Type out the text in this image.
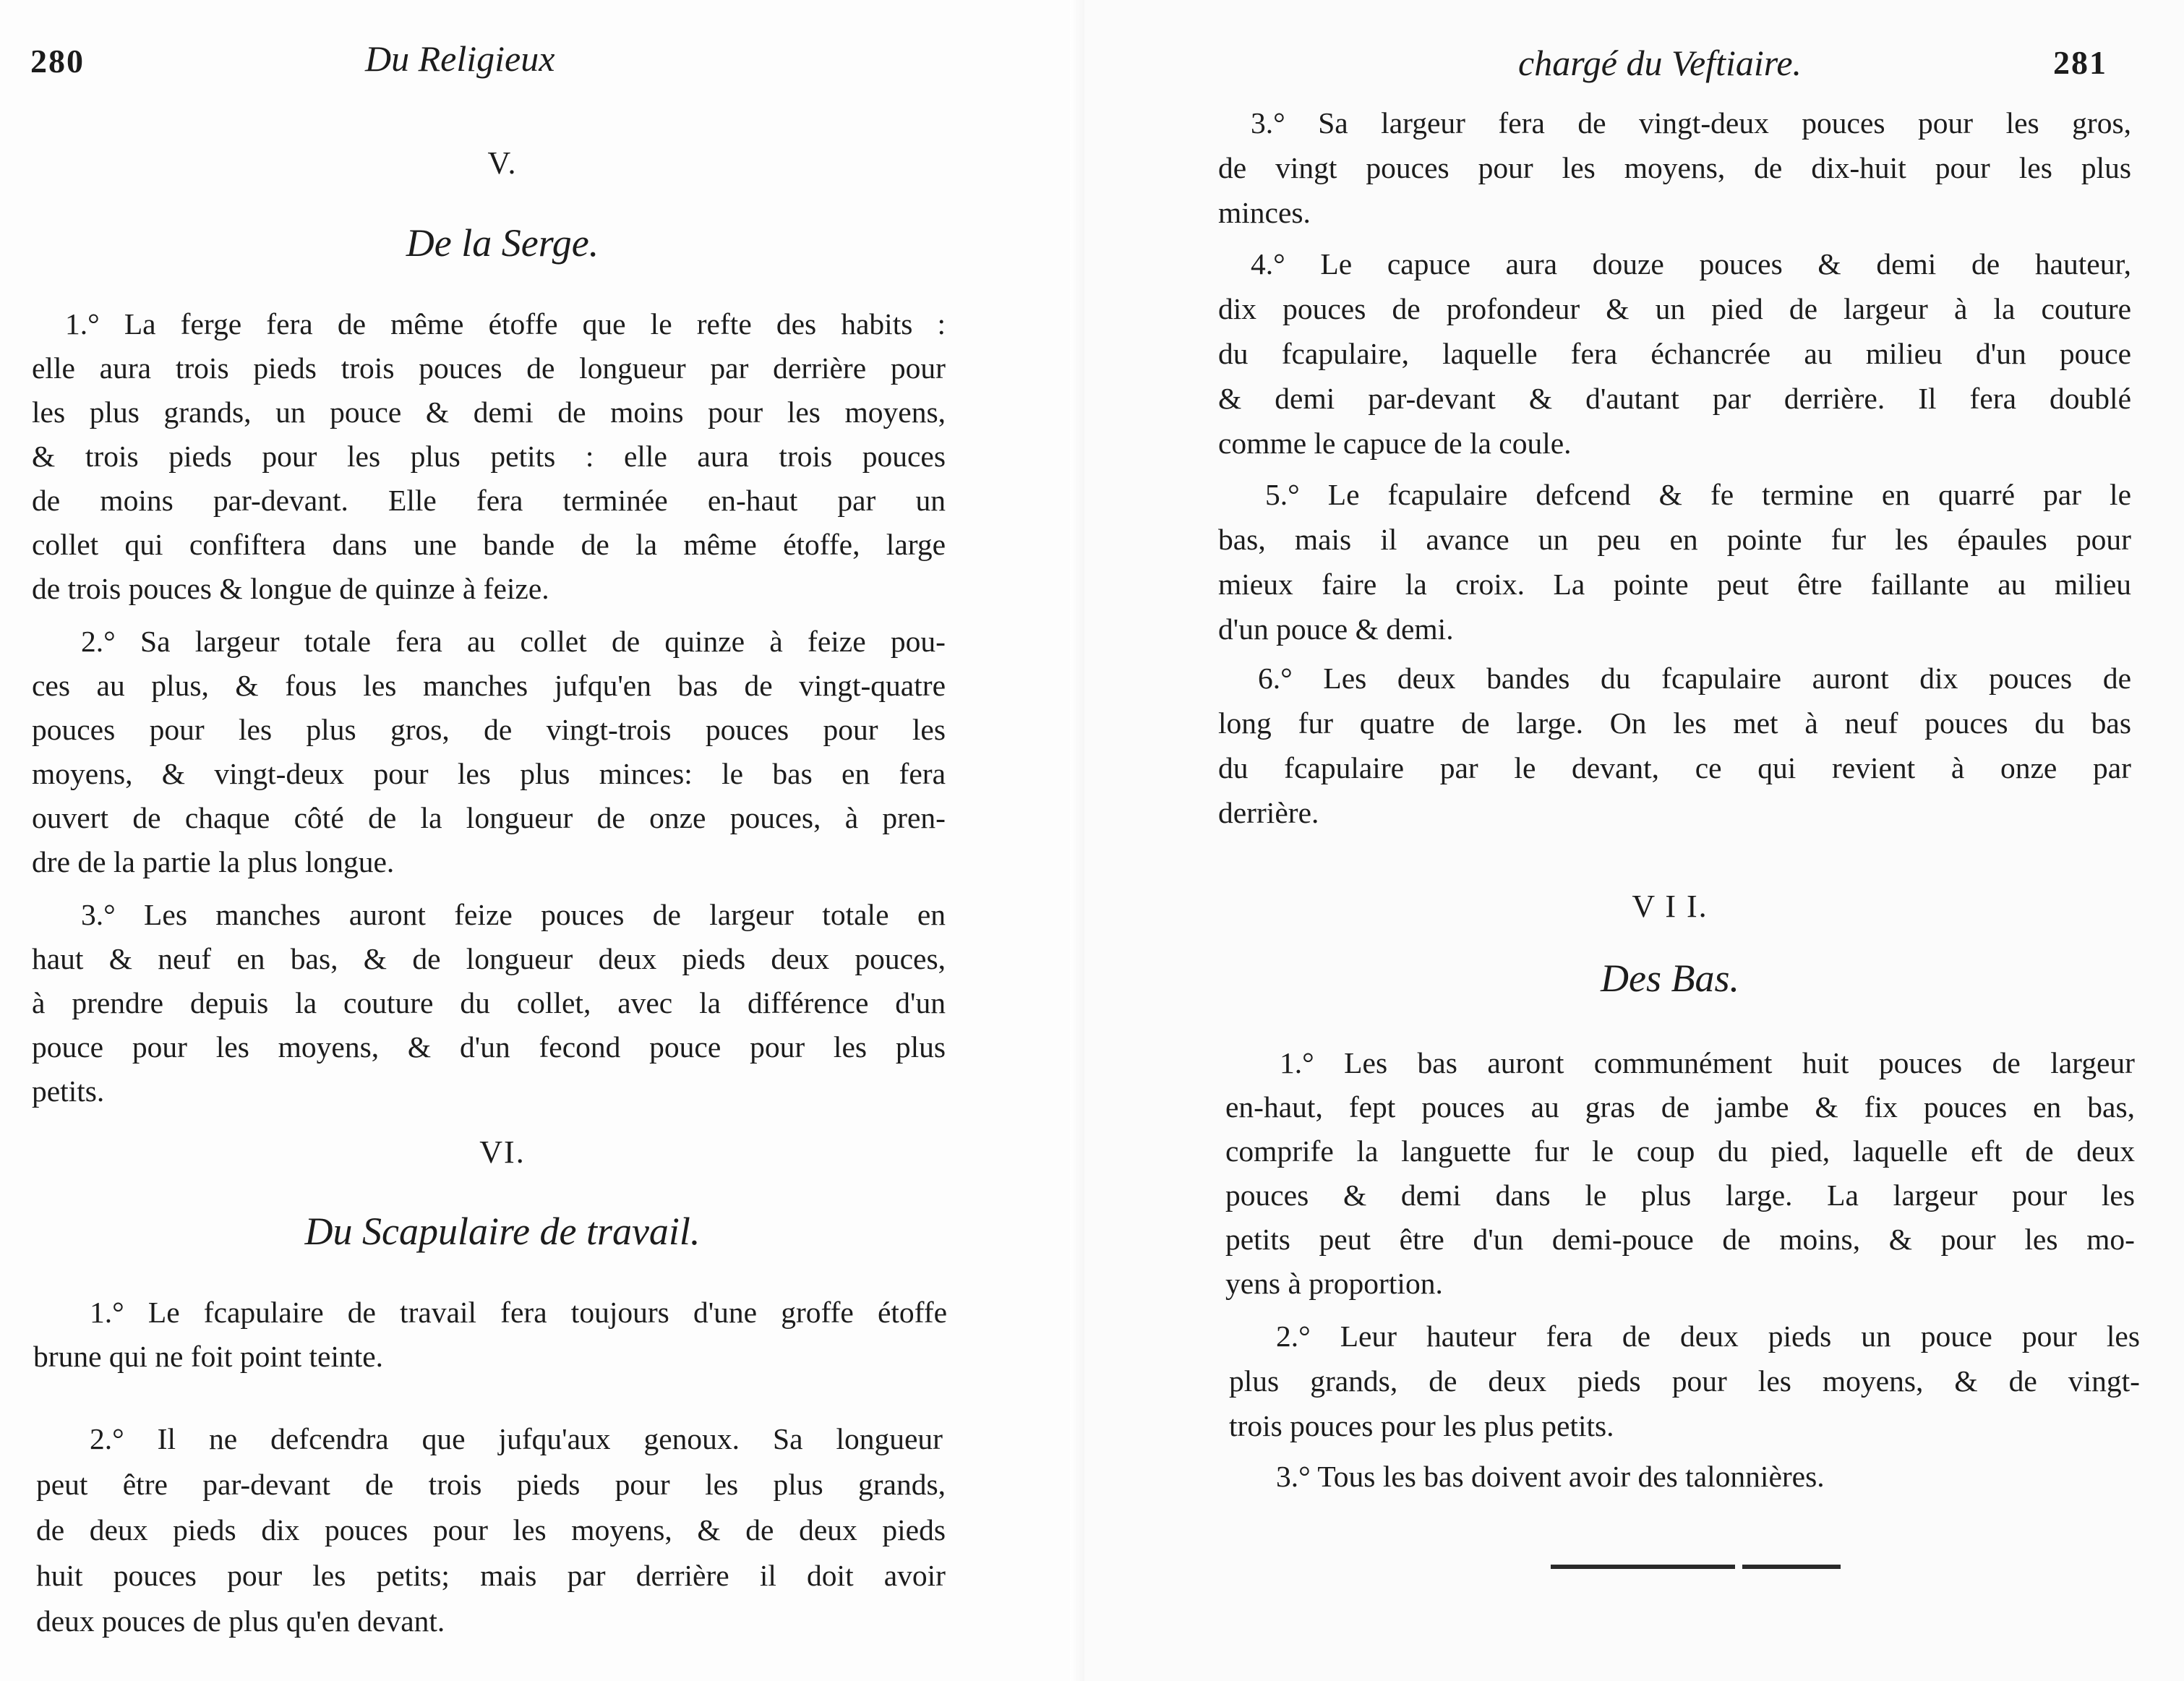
280	Du Religieux
V.
De la Serge.
1.° La ferge fera de même étoffe que le refte des habits :
elle aura trois pieds trois pouces de longueur par derrière pour
les plus grands, un pouce & demi de moins pour les moyens,
& trois pieds pour les plus petits : elle aura trois pouces
de moins par-devant. Elle fera terminée en-haut par un
collet qui confiftera dans une bande de la même étoffe, large
de trois pouces & longue de quinze à feize.
2.° Sa largeur totale fera au collet de quinze à feize pou-
ces au plus, & fous les manches jufqu'en bas de vingt-quatre
pouces pour les plus gros, de vingt-trois pouces pour les
moyens, & vingt-deux pour les plus minces: le bas en fera
ouvert de chaque côté de la longueur de onze pouces, à pren-
dre de la partie la plus longue.
3.° Les manches auront feize pouces de largeur totale en
haut & neuf en bas, & de longueur deux pieds deux pouces,
à prendre depuis la couture du collet, avec la différence d'un
pouce pour les moyens, & d'un fecond pouce pour les plus
petits.
VI.
Du Scapulaire de travail.
1.° Le fcapulaire de travail fera toujours d'une groffe étoffe
brune qui ne foit point teinte.
2.° Il ne defcendra que jufqu'aux genoux. Sa longueur
peut être par-devant de trois pieds pour les plus grands,
de deux pieds dix pouces pour les moyens, & de deux pieds
huit pouces pour les petits; mais par derrière il doit avoir
deux pouces de plus qu'en devant.
chargé du Veftiaire.	281
3.° Sa largeur fera de vingt-deux pouces pour les gros,
de vingt pouces pour les moyens, de dix-huit pour les plus
minces.
4.° Le capuce aura douze pouces & demi de hauteur,
dix pouces de profondeur & un pied de largeur à la couture
du fcapulaire, laquelle fera échancrée au milieu d'un pouce
& demi par-devant & d'autant par derrière. Il fera doublé
comme le capuce de la coule.
5.° Le fcapulaire defcend & fe termine en quarré par le
bas, mais il avance un peu en pointe fur les épaules pour
mieux faire la croix. La pointe peut être faillante au milieu
d'un pouce & demi.
6.° Les deux bandes du fcapulaire auront dix pouces de
long fur quatre de large. On les met à neuf pouces du bas
du fcapulaire par le devant, ce qui revient à onze par
derrière.
V I I.
Des Bas.
1.° Les bas auront communément huit pouces de largeur
en-haut, fept pouces au gras de jambe & fix pouces en bas,
comprife la languette fur le coup du pied, laquelle eft de deux
pouces & demi dans le plus large. La largeur pour les
petits peut être d'un demi-pouce de moins, & pour les mo-
yens à proportion.
2.° Leur hauteur fera de deux pieds un pouce pour les
plus grands, de deux pieds pour les moyens, & de vingt-
trois pouces pour les plus petits.
3.° Tous les bas doivent avoir des talonnières.
